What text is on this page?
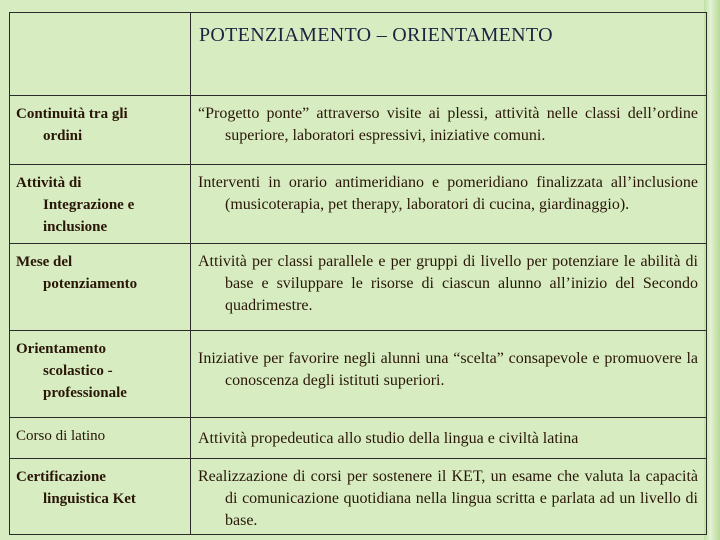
	POTENZIAMENTO – ORIENTAMENTO

Continuità tra gli
ordini	“Progetto ponte” attraverso visite ai plessi, attività nelle classi dell’ordine superiore, laboratori espressivi, iniziative comuni.

Attività di
Integrazione e
inclusione	Interventi in orario antimeridiano e pomeridiano finalizzata all’inclusione (musicoterapia, pet therapy, laboratori di cucina, giardinaggio).

Mese del
potenziamento	Attività per classi parallele e per gruppi di livello per potenziare le abilità di base e sviluppare le risorse di ciascun alunno all’inizio del Secondo quadrimestre.

Orientamento
scolastico -
professionale	Iniziative per favorire negli alunni una “scelta” consapevole e promuovere la conoscenza degli istituti superiori.

Corso di latino	Attività propedeutica allo studio della lingua e civiltà latina

Certificazione
linguistica Ket	Realizzazione di corsi per sostenere il KET, un esame che valuta la capacità di comunicazione quotidiana nella lingua scritta e parlata ad un livello di base.
